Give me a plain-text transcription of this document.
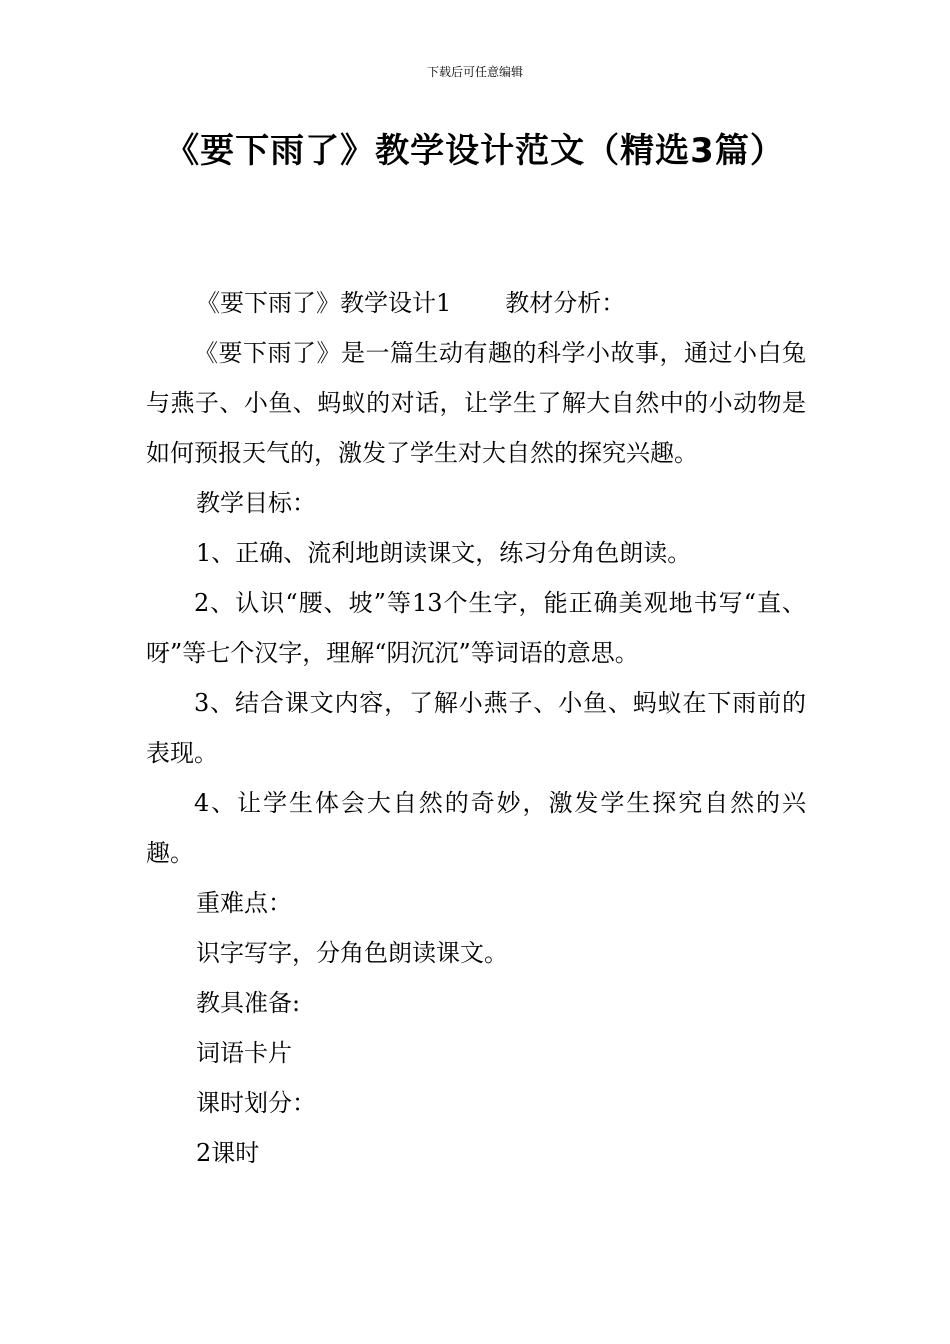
下载后可任意编辑
《要下雨了》教学设计范文（精选3篇）
《要下雨了》教学设计1 教材分析：

《要下雨了》是一篇生动有趣的科学小故事，通过小白兔与燕子、小鱼、蚂蚁的对话，让学生了解大自然中的小动物是如何预报天气的，激发了学生对大自然的探究兴趣。

教学目标：
1、正确、流利地朗读课文，练习分角色朗读。

2、认识“腰、坡”等13个生字，能正确美观地书写“直、呀”等七个汉字，理解“阴沉沉”等词语的意思。

3、结合课文内容，了解小燕子、小鱼、蚂蚁在下雨前的表现。

4、让学生体会大自然的奇妙，激发学生探究自然的兴趣。

重难点：
识字写字，分角色朗读课文。
教具准备:
词语卡片
课时划分：
2课时
